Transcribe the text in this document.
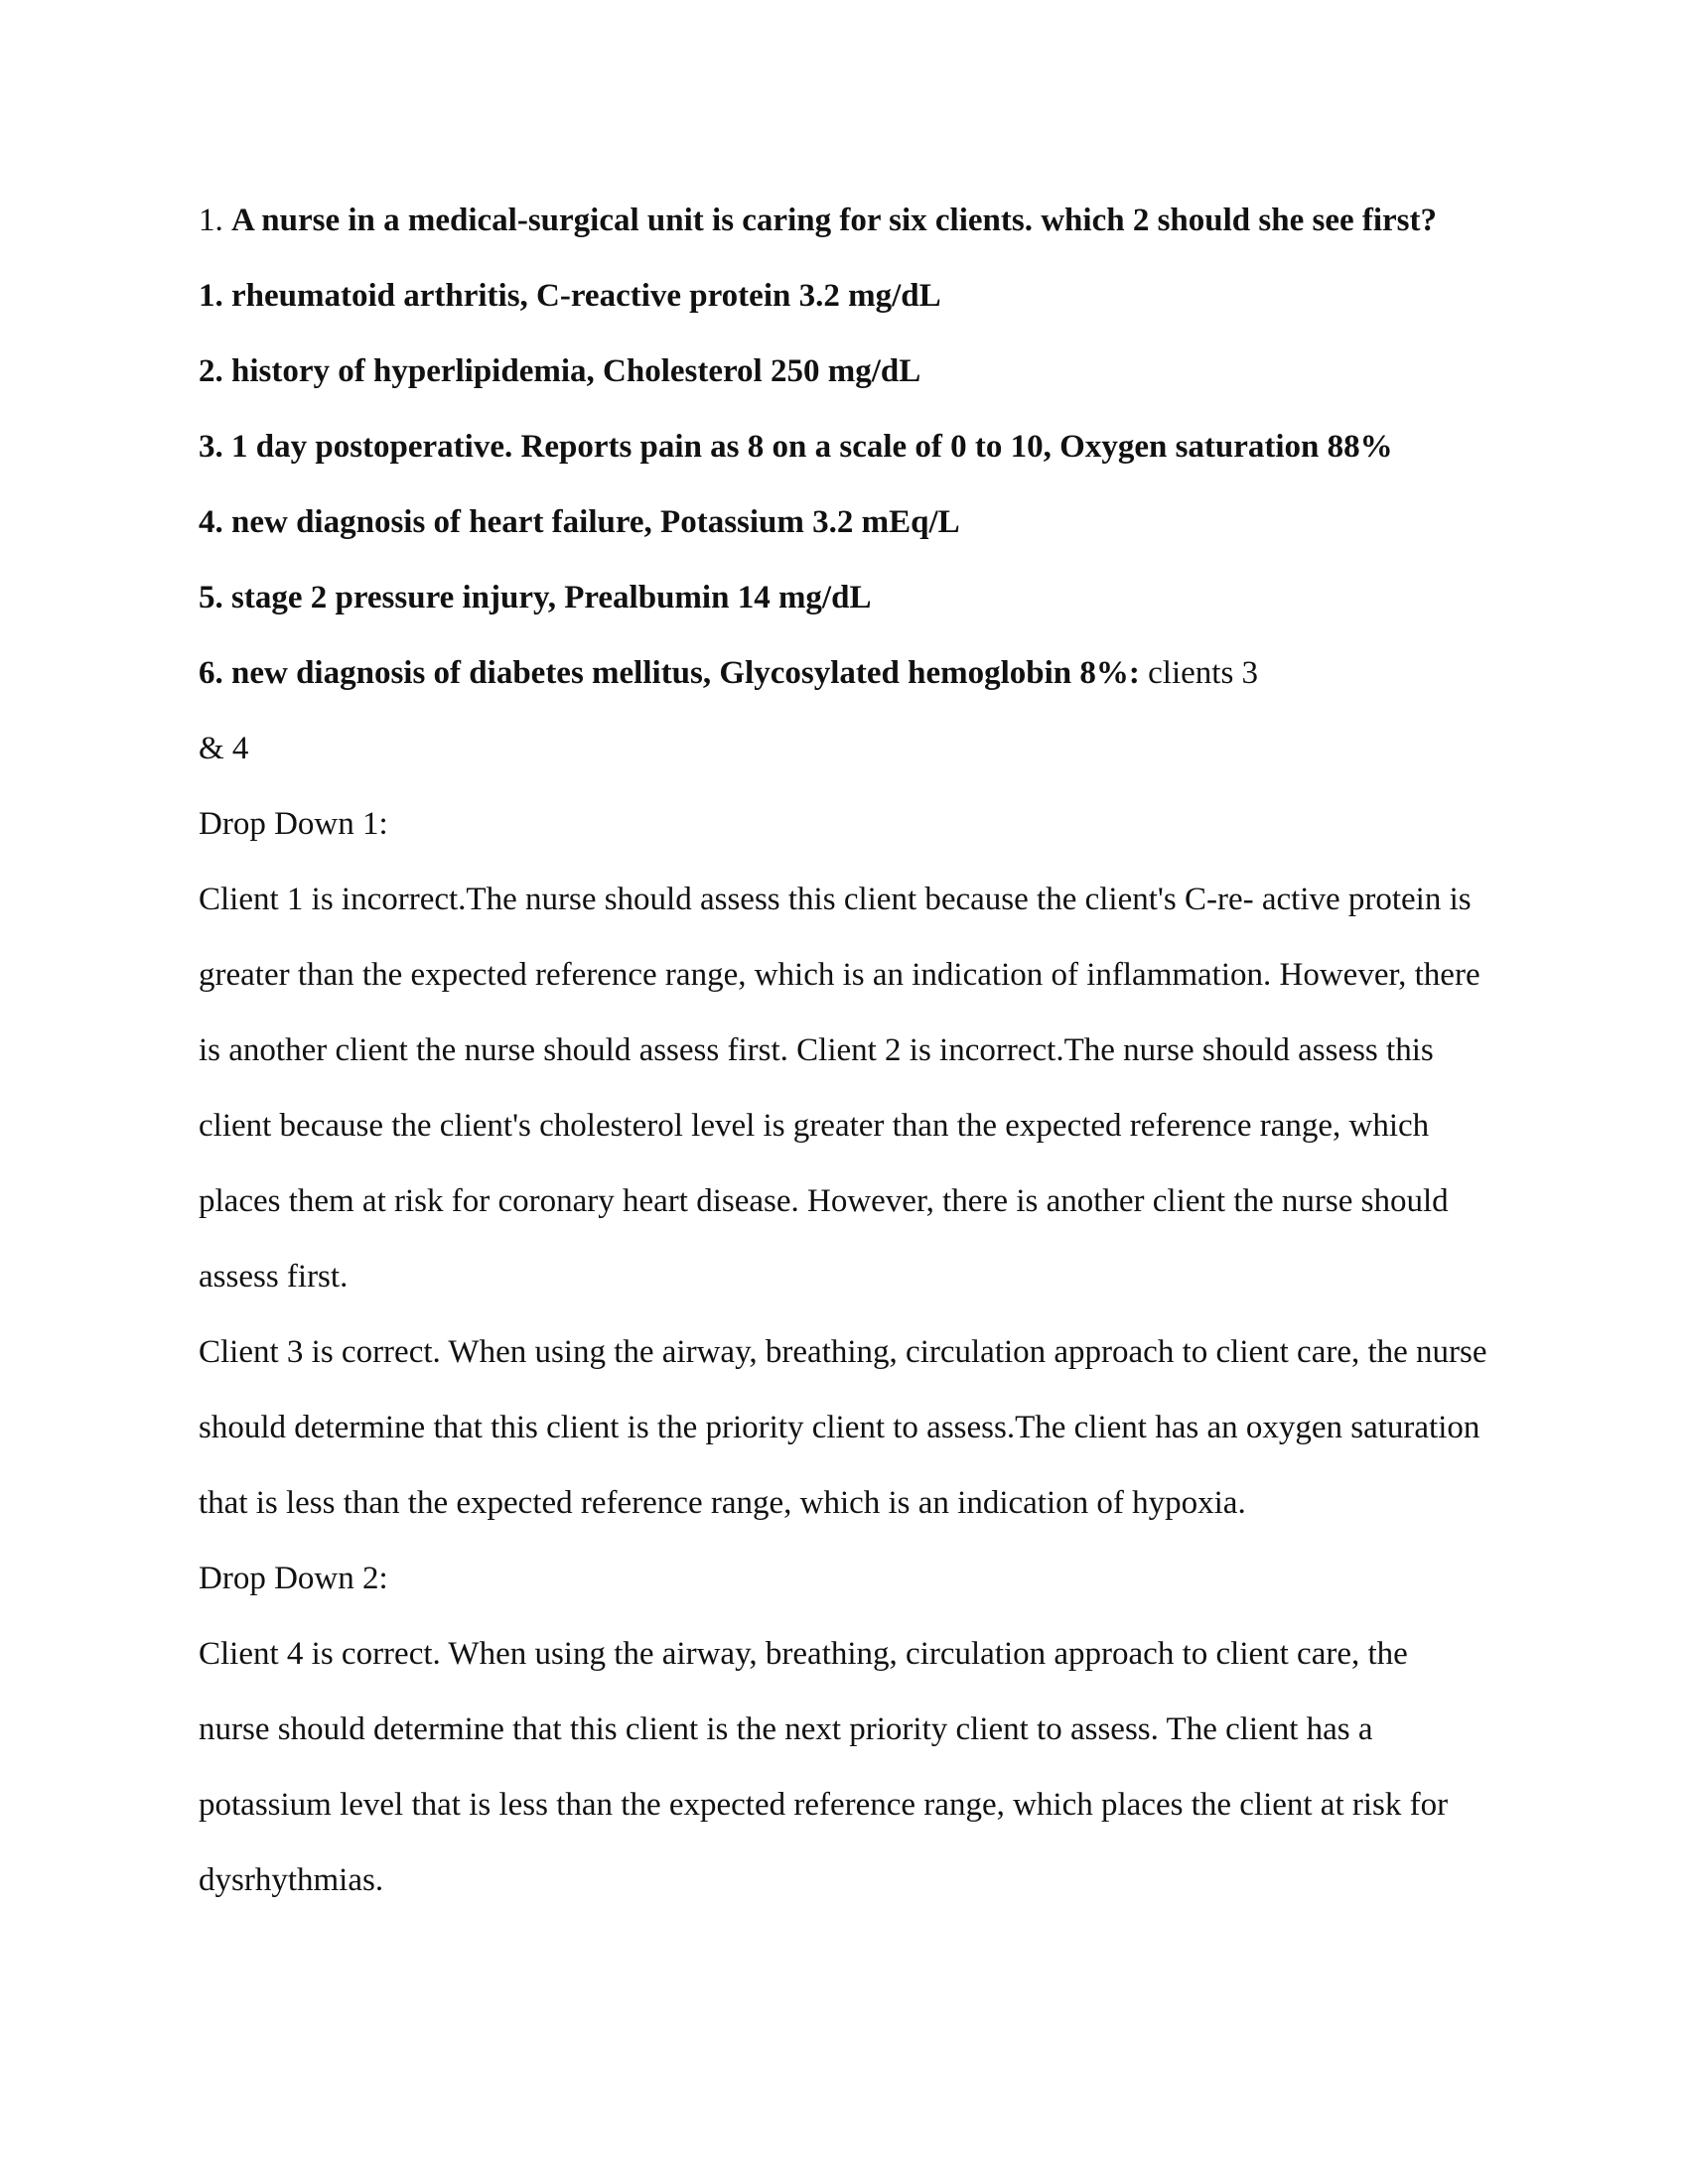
1. A nurse in a medical-surgical unit is caring for six clients. which 2 should she see first?
1. rheumatoid arthritis, C-reactive protein 3.2 mg/dL
2. history of hyperlipidemia, Cholesterol 250 mg/dL
3. 1 day postoperative. Reports pain as 8 on a scale of 0 to 10, Oxygen saturation 88%
4. new diagnosis of heart failure, Potassium 3.2 mEq/L
5. stage 2 pressure injury, Prealbumin 14 mg/dL
6. new diagnosis of diabetes mellitus, Glycosylated hemoglobin 8%: clients 3
& 4
Drop Down 1:
Client 1 is incorrect.The nurse should assess this client because the client's C-re- active protein is
greater than the expected reference range, which is an indication of inflammation. However, there
is another client the nurse should assess first. Client 2 is incorrect.The nurse should assess this
client because the client's cholesterol level is greater than the expected reference range, which
places them at risk for coronary heart disease. However, there is another client the nurse should
assess first.
Client 3 is correct. When using the airway, breathing, circulation approach to client care, the nurse
should determine that this client is the priority client to assess.The client has an oxygen saturation
that is less than the expected reference range, which is an indication of hypoxia.
Drop Down 2:
Client 4 is correct. When using the airway, breathing, circulation approach to client care, the
nurse should determine that this client is the next priority client to assess. The client has a
potassium level that is less than the expected reference range, which places the client at risk for
dysrhythmias.
